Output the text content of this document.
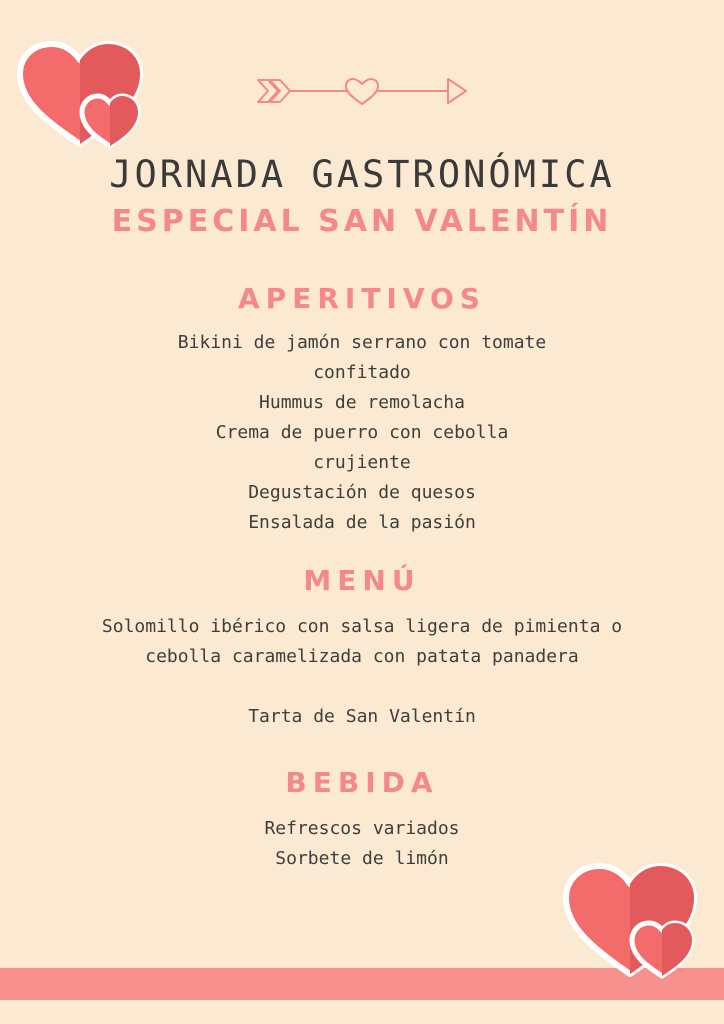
JORNADA GASTRONÓMICA
ESPECIAL SAN VALENTÍN
APERITIVOS
Bikini de jamón serrano con tomate
confitado
Hummus de remolacha
Crema de puerro con cebolla
crujiente
Degustación de quesos
Ensalada de la pasión
MENÚ
Solomillo ibérico con salsa ligera de pimienta o
cebolla caramelizada con patata panadera
Tarta de San Valentín
BEBIDA
Refrescos variados
Sorbete de limón
